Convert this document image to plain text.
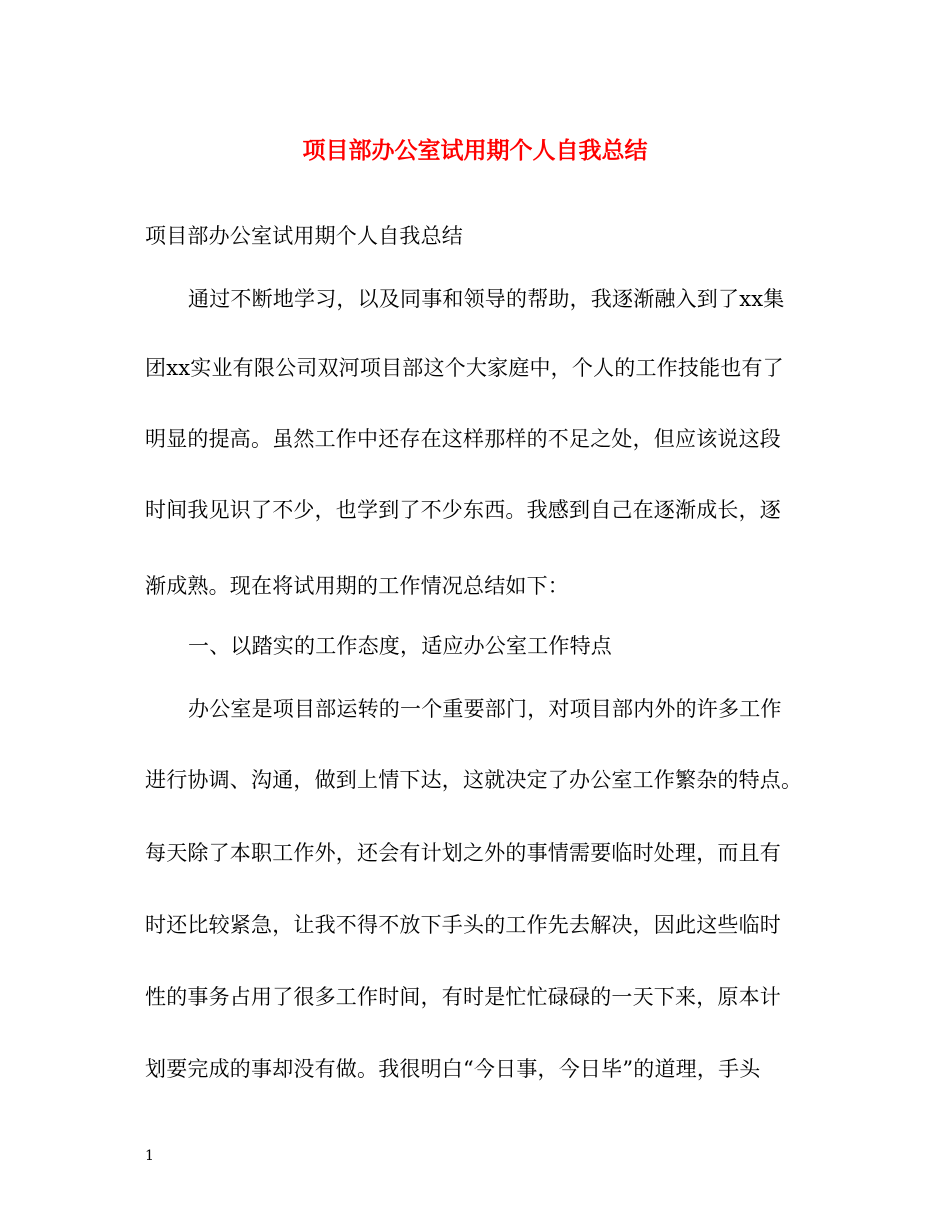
项目部办公室试用期个人自我总结
项目部办公室试用期个人自我总结
通过不断地学习，以及同事和领导的帮助，我逐渐融入到了xx集
团xx实业有限公司双河项目部这个大家庭中，个人的工作技能也有了
明显的提高。虽然工作中还存在这样那样的不足之处，但应该说这段
时间我见识了不少，也学到了不少东西。我感到自己在逐渐成长，逐
渐成熟。现在将试用期的工作情况总结如下：
一、以踏实的工作态度，适应办公室工作特点
办公室是项目部运转的一个重要部门，对项目部内外的许多工作
进行协调、沟通，做到上情下达，这就决定了办公室工作繁杂的特点。
每天除了本职工作外，还会有计划之外的事情需要临时处理，而且有
时还比较紧急，让我不得不放下手头的工作先去解决，因此这些临时
性的事务占用了很多工作时间，有时是忙忙碌碌的一天下来，原本计
划要完成的事却没有做。我很明白“今日事，今日毕”的道理，手头
1
